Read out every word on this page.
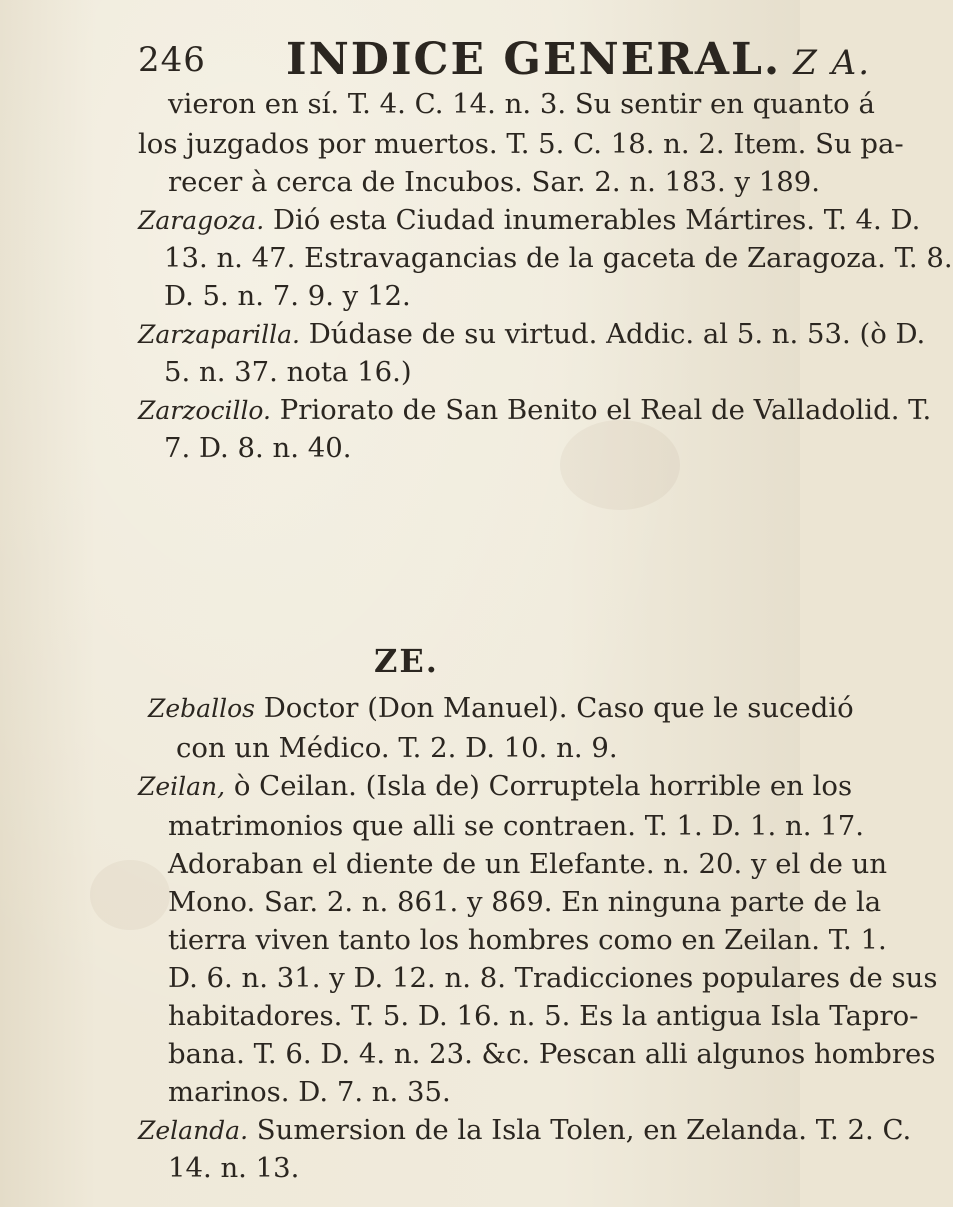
246 INDICE GENERAL. Z A.
vieron en sí. T. 4. C. 14. n. 3. Su sentir en quanto á
los juzgados por muertos. T. 5. C. 18. n. 2. Item. Su pa-
recer à cerca de Incubos. Sar. 2. n. 183. y 189.
Zaragoza. Dió esta Ciudad inumerables Mártires. T. 4. D.
13. n. 47. Estravagancias de la gaceta de Zaragoza. T. 8.
D. 5. n. 7. 9. y 12.
Zarzaparilla. Dúdase de su virtud. Addic. al 5. n. 53. (ò D.
5. n. 37. nota 16.)
Zarzocillo. Priorato de San Benito el Real de Valladolid. T.
7. D. 8. n. 40.
ZE.
Zeballos Doctor (Don Manuel). Caso que le sucedió
con un Médico. T. 2. D. 10. n. 9.
Zeilan, ò Ceilan. (Isla de) Corruptela horrible en los
matrimonios que alli se contraen. T. 1. D. 1. n. 17.
Adoraban el diente de un Elefante. n. 20. y el de un
Mono. Sar. 2. n. 861. y 869. En ninguna parte de la
tierra viven tanto los hombres como en Zeilan. T. 1.
D. 6. n. 31. y D. 12. n. 8. Tradicciones populares de sus
habitadores. T. 5. D. 16. n. 5. Es la antigua Isla Tapro-
bana. T. 6. D. 4. n. 23. &c. Pescan alli algunos hombres
marinos. D. 7. n. 35.
Zelanda. Sumersion de la Isla Tolen, en Zelanda. T. 2. C.
14. n. 13.
